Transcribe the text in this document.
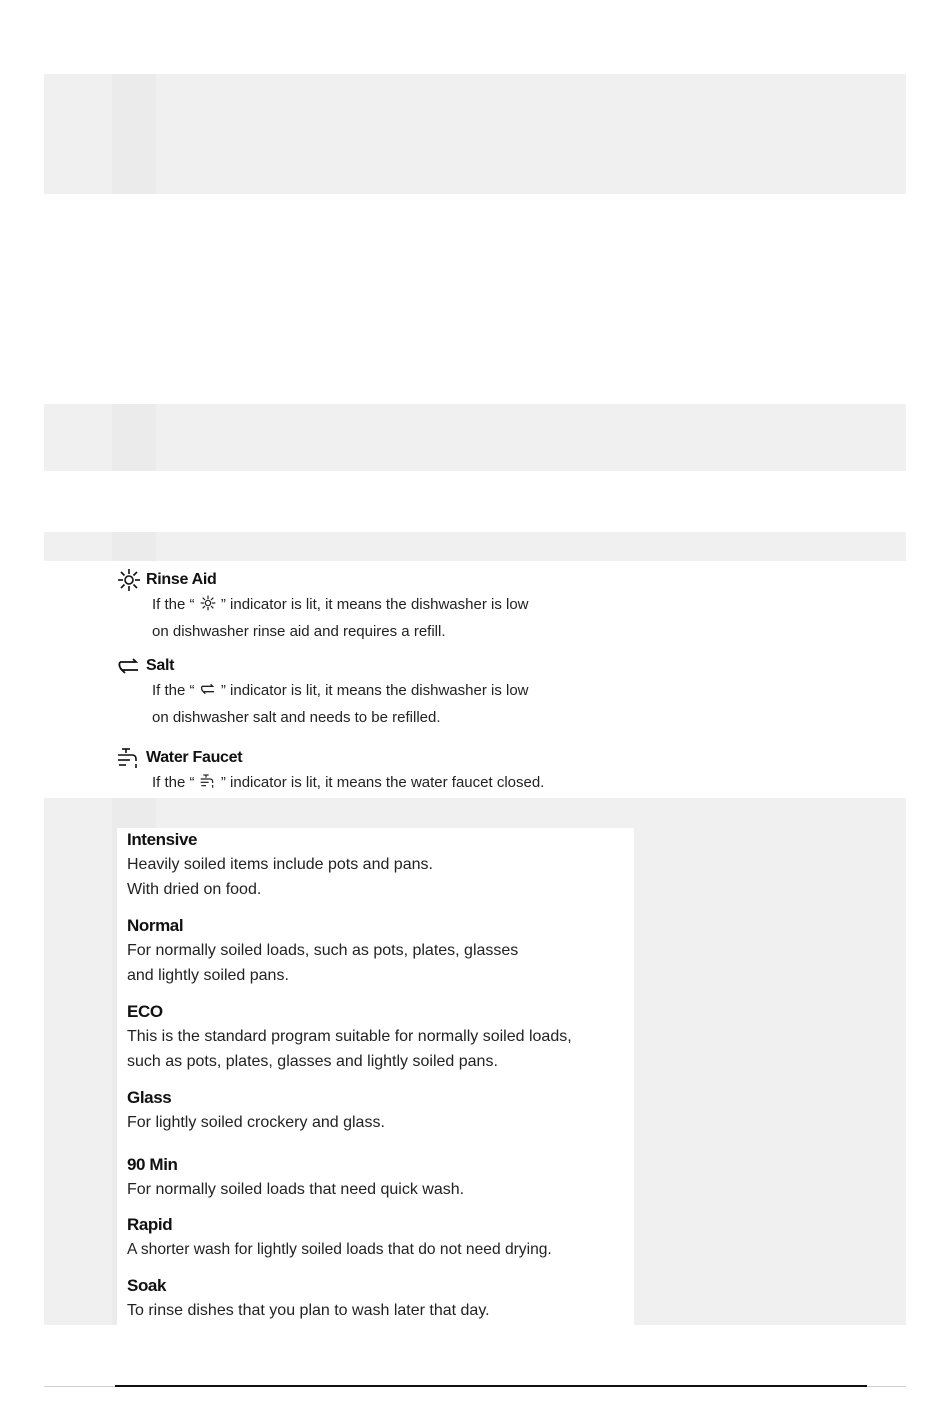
Rinse Aid
If the “ ” indicator is lit, it means the dishwasher is low
on dishwasher rinse aid and requires a refill.
Salt
If the “ ” indicator is lit, it means the dishwasher is low
on dishwasher salt and needs to be refilled.
Water Faucet
If the “ ” indicator is lit, it means the water faucet closed.
Intensive
Heavily soiled items include pots and pans.
With dried on food.
Normal
For normally soiled loads, such as pots, plates, glasses
and lightly soiled pans.
ECO
This is the standard program suitable for normally soiled loads,
such as pots, plates, glasses and lightly soiled pans.
Glass
For lightly soiled crockery and glass.
90 Min
For normally soiled loads that need quick wash.
Rapid
A shorter wash for lightly soiled loads that do not need drying.
Soak
To rinse dishes that you plan to wash later that day.
